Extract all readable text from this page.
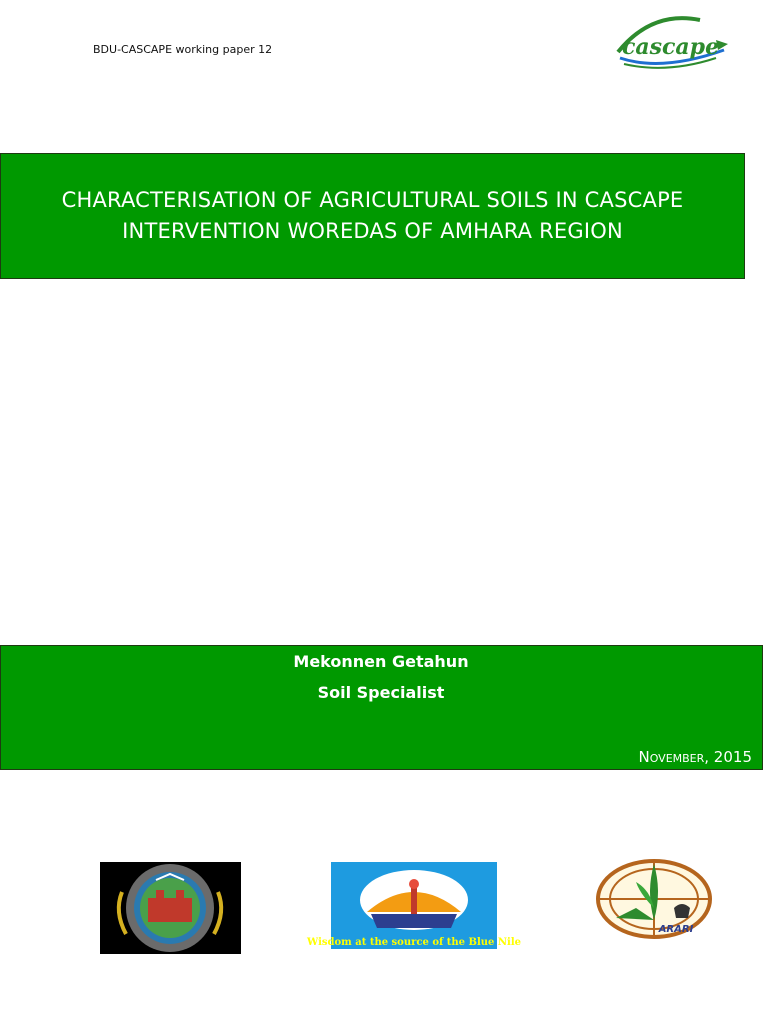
BDU-CASCAPE working paper 12	cascape
CHARACTERISATION OF AGRICULTURAL SOILS IN CASCAPE
INTERVENTION WOREDAS OF AMHARA REGION
Mekonnen Getahun
Soil Specialist
November, 2015
Wisdom at the source of the Blue Nile
ARARI
